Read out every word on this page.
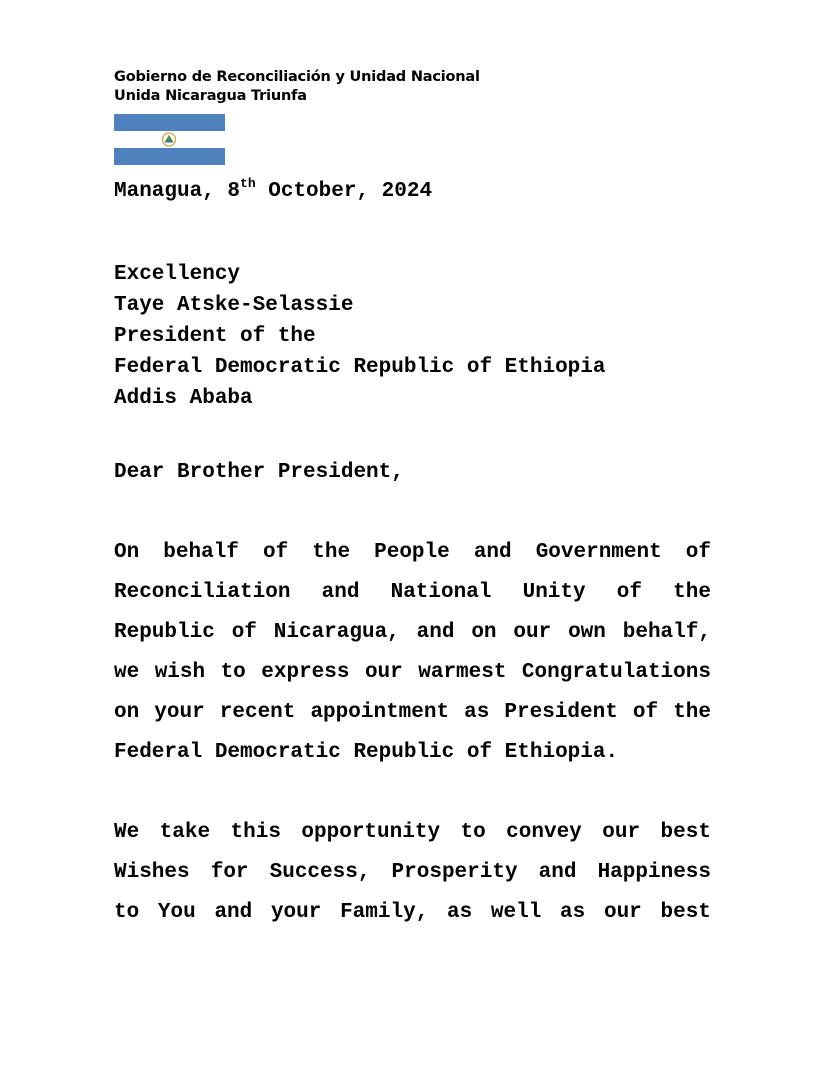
Gobierno de Reconciliación y Unidad Nacional
Unida Nicaragua Triunfa
Managua, 8th October, 2024
Excellency
Taye Atske-Selassie
President of the
Federal Democratic Republic of Ethiopia
Addis Ababa
Dear Brother President,
On behalf of the People and Government of
Reconciliation and National Unity of the
Republic of Nicaragua, and on our own behalf,
we wish to express our warmest Congratulations
on your recent appointment as President of the
Federal Democratic Republic of Ethiopia.
We take this opportunity to convey our best
Wishes for Success, Prosperity and Happiness
to You and your Family, as well as our best
